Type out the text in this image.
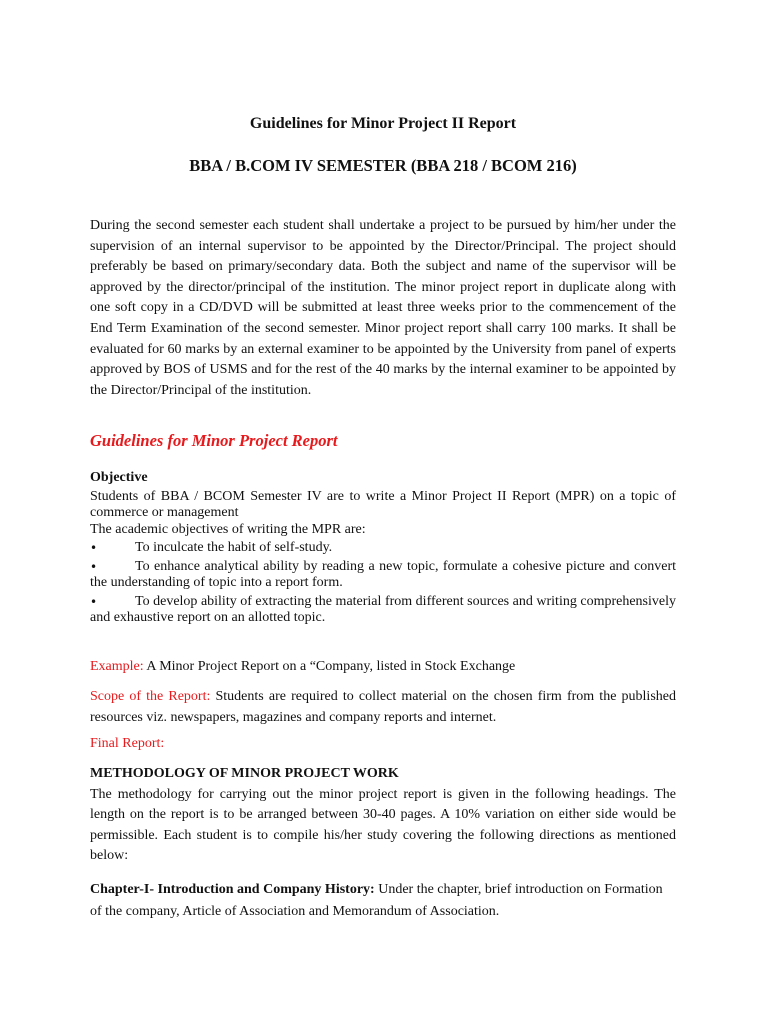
Guidelines for Minor Project II Report
BBA / B.COM IV SEMESTER (BBA 218 / BCOM 216)

During the second semester each student shall undertake a project to be pursued by him/her under the supervision of an internal supervisor to be appointed by the Director/Principal. The project should preferably be based on primary/secondary data. Both the subject and name of the supervisor will be approved by the director/principal of the institution. The minor project report in duplicate along with one soft copy in a CD/DVD will be submitted at least three weeks prior to the commencement of the End Term Examination of the second semester. Minor project report shall carry 100 marks. It shall be evaluated for 60 marks by an external examiner to be appointed by the University from panel of experts approved by BOS of USMS and for the rest of the 40 marks by the internal examiner to be appointed by the Director/Principal of the institution.

Guidelines for Minor Project Report

Objective

Students of BBA / BCOM Semester IV are to write a Minor Project II Report (MPR) on a topic of commerce or management

The academic objectives of writing the MPR are:

•	To inculcate the habit of self-study.
•	To enhance analytical ability by reading a new topic, formulate a cohesive picture and convert the understanding of topic into a report form.
•	To develop ability of extracting the material from different sources and writing comprehensively and exhaustive report on an allotted topic.

Example: A Minor Project Report on a “Company, listed in Stock Exchange

Scope of the Report: Students are required to collect material on the chosen firm from the published resources viz. newspapers, magazines and company reports and internet.

Final Report:

METHODOLOGY OF MINOR PROJECT WORK

The methodology for carrying out the minor project report is given in the following headings. The length on the report is to be arranged between 30-40 pages. A 10% variation on either side would be permissible. Each student is to compile his/her study covering the following directions as mentioned below:

Chapter-I- Introduction and Company History: Under the chapter, brief introduction on Formation of the company, Article of Association and Memorandum of Association.
